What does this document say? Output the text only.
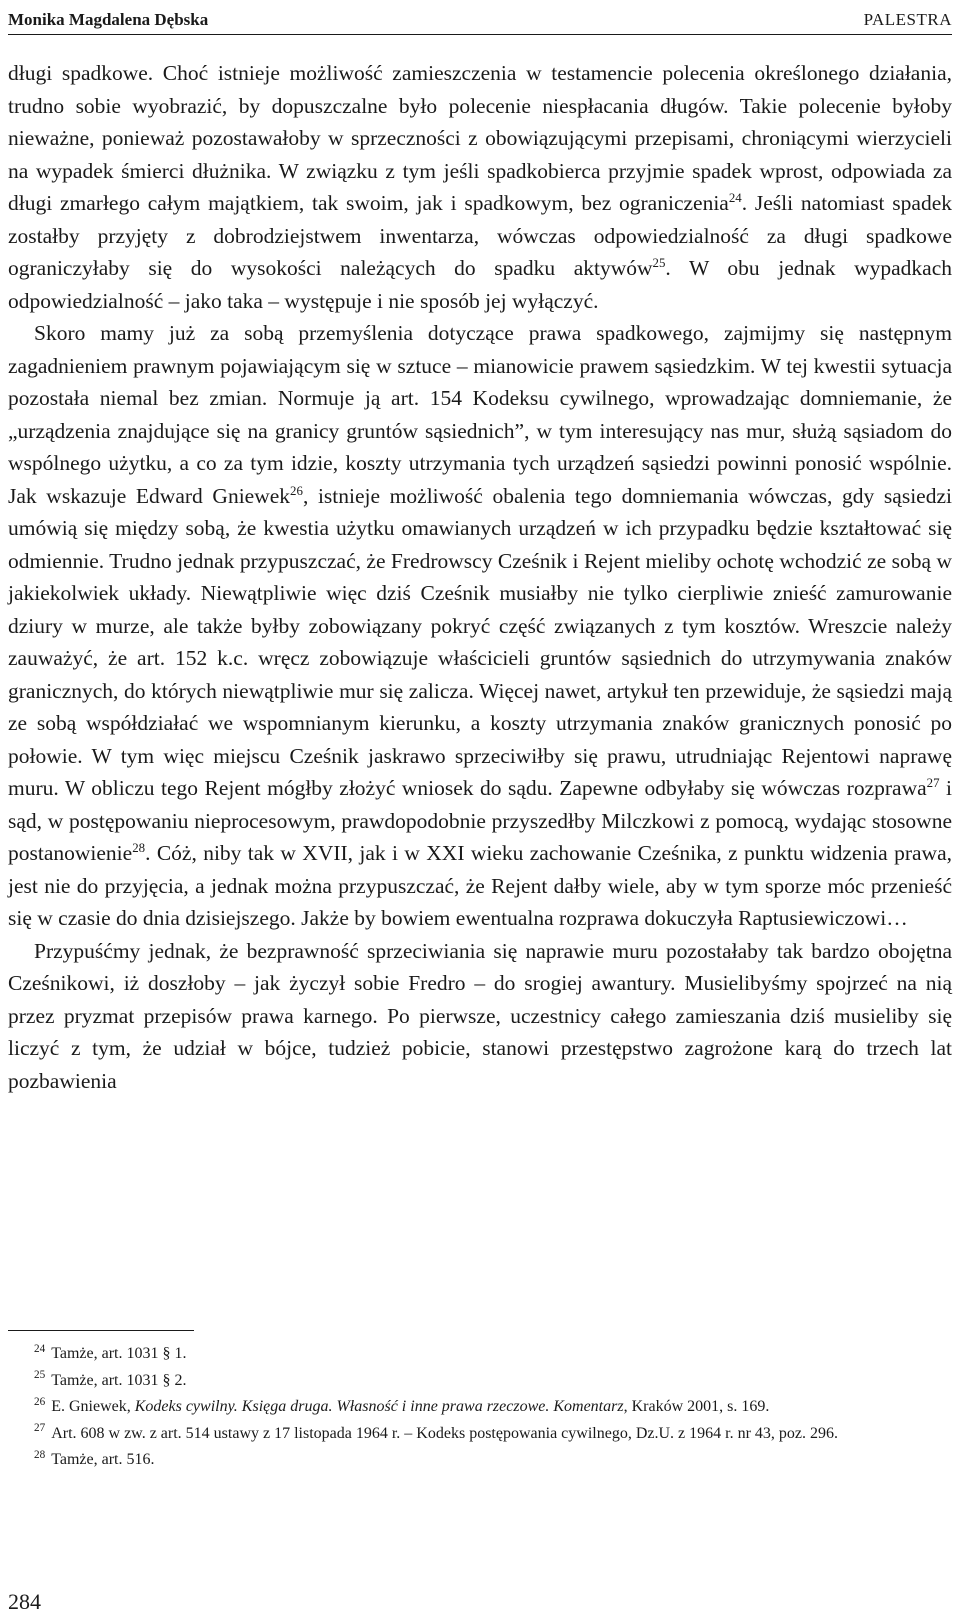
Monika Magdalena Dębska	PALESTRA

długi spadkowe. Choć istnieje możliwość zamieszczenia w testamencie polecenia określonego działania, trudno sobie wyobrazić, by dopuszczalne było polecenie niespłacania długów. Takie polecenie byłoby nieważne, ponieważ pozostawałoby w sprzeczności z obowiązującymi przepisami, chroniącymi wierzycieli na wypadek śmierci dłużnika. W związku z tym jeśli spadkobierca przyjmie spadek wprost, odpowiada za długi zmarłego całym majątkiem, tak swoim, jak i spadkowym, bez ograniczenia$^{24}$. Jeśli natomiast spadek zostałby przyjęty z dobrodziejstwem inwentarza, wówczas odpowiedzialność za długi spadkowe ograniczyłaby się do wysokości należących do spadku aktywów$^{25}$. W obu jednak wypadkach odpowiedzialność – jako taka – występuje i nie sposób jej wyłączyć.

Skoro mamy już za sobą przemyślenia dotyczące prawa spadkowego, zajmijmy się następnym zagadnieniem prawnym pojawiającym się w sztuce – mianowicie prawem sąsiedzkim. W tej kwestii sytuacja pozostała niemal bez zmian. Normuje ją art. 154 Kodeksu cywilnego, wprowadzając domniemanie, że „urządzenia znajdujące się na granicy gruntów sąsiednich”, w tym interesujący nas mur, służą sąsiadom do wspólnego użytku, a co za tym idzie, koszty utrzymania tych urządzeń sąsiedzi powinni ponosić wspólnie. Jak wskazuje Edward Gniewek$^{26}$, istnieje możliwość obalenia tego domniemania wówczas, gdy sąsiedzi umówią się między sobą, że kwestia użytku omawianych urządzeń w ich przypadku będzie kształtować się odmiennie. Trudno jednak przypuszczać, że Fredrowscy Cześnik i Rejent mieliby ochotę wchodzić ze sobą w jakiekolwiek układy. Niewątpliwie więc dziś Cześnik musiałby nie tylko cierpliwie znieść zamurowanie dziury w murze, ale także byłby zobowiązany pokryć część związanych z tym kosztów. Wreszcie należy zauważyć, że art. 152 k.c. wręcz zobowiązuje właścicieli gruntów sąsiednich do utrzymywania znaków granicznych, do których niewątpliwie mur się zalicza. Więcej nawet, artykuł ten przewiduje, że sąsiedzi mają ze sobą współdziałać we wspomnianym kierunku, a koszty utrzymania znaków granicznych ponosić po połowie. W tym więc miejscu Cześnik jaskrawo sprzeciwiłby się prawu, utrudniając Rejentowi naprawę muru. W obliczu tego Rejent mógłby złożyć wniosek do sądu. Zapewne odbyłaby się wówczas rozprawa$^{27}$ i sąd, w postępowaniu nieprocesowym, prawdopodobnie przyszedłby Milczkowi z pomocą, wydając stosowne postanowienie$^{28}$. Cóż, niby tak w XVII, jak i w XXI wieku zachowanie Cześnika, z punktu widzenia prawa, jest nie do przyjęcia, a jednak można przypuszczać, że Rejent dałby wiele, aby w tym sporze móc przenieść się w czasie do dnia dzisiejszego. Jakże by bowiem ewentualna rozprawa dokuczyła Raptusiewiczowi…

Przypuśćmy jednak, że bezprawność sprzeciwiania się naprawie muru pozostałaby tak bardzo obojętna Cześnikowi, iż doszłoby – jak życzył sobie Fredro – do srogiej awantury. Musielibyśmy spojrzeć na nią przez pryzmat przepisów prawa karnego. Po pierwsze, uczestnicy całego zamieszania dziś musieliby się liczyć z tym, że udział w bójce, tudzież pobicie, stanowi przestępstwo zagrożone karą do trzech lat pozbawienia

$^{24}$ Tamże, art. 1031 § 1.

$^{25}$ Tamże, art. 1031 § 2.

$^{26}$ E. Gniewek, Kodeks cywilny. Księga druga. Własność i inne prawa rzeczowe. Komentarz, Kraków 2001, s. 169.

$^{27}$ Art. 608 w zw. z art. 514 ustawy z 17 listopada 1964 r. – Kodeks postępowania cywilnego, Dz.U. z 1964 r. nr 43, poz. 296.

$^{28}$ Tamże, art. 516.

284
